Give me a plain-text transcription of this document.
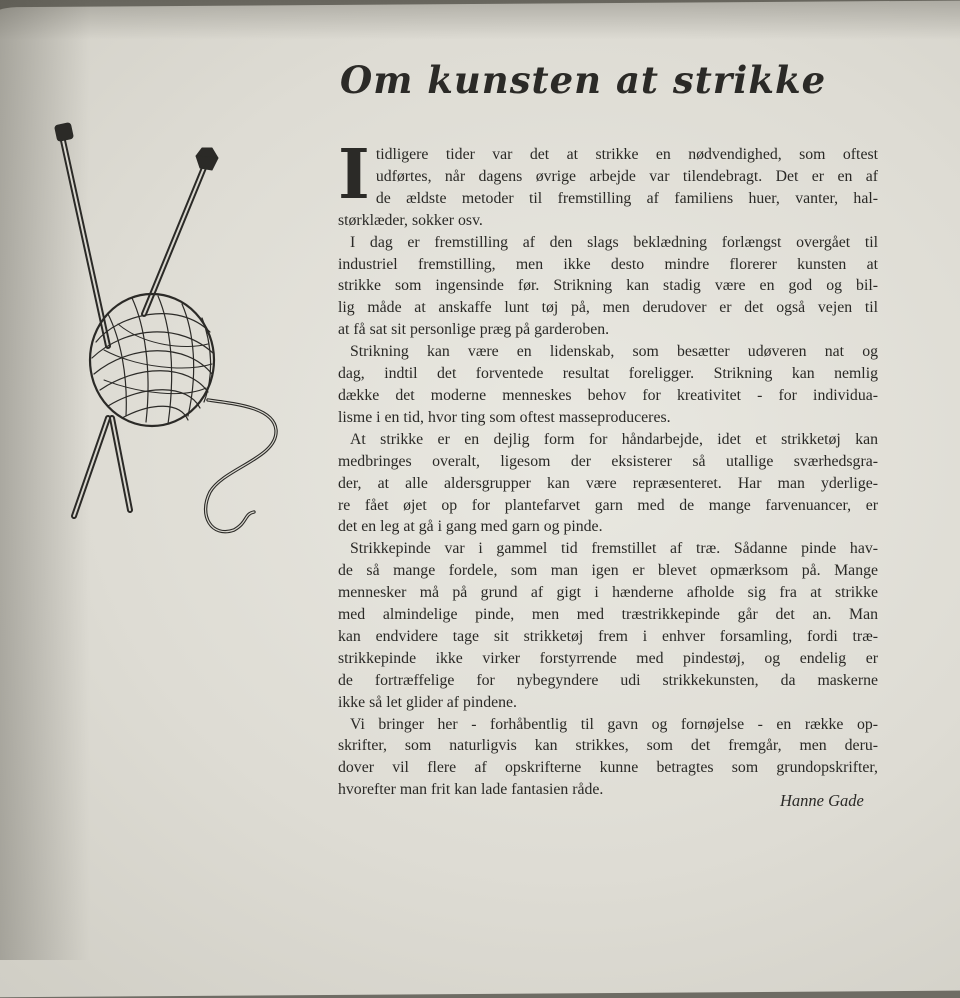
Om kunsten at strikke

I tidligere tider var det at strikke en nødvendighed, som oftest
udførtes, når dagens øvrige arbejde var tilendebragt. Det er en af
de ældste metoder til fremstilling af familiens huer, vanter, hal-
størklæder, sokker osv.

I dag er fremstilling af den slags beklædning forlængst overgået til
industriel fremstilling, men ikke desto mindre florerer kunsten at
strikke som ingensinde før. Strikning kan stadig være en god og bil-
lig måde at anskaffe lunt tøj på, men derudover er det også vejen til
at få sat sit personlige præg på garderoben.

Strikning kan være en lidenskab, som besætter udøveren nat og
dag, indtil det forventede resultat foreligger. Strikning kan nemlig
dække det moderne menneskes behov for kreativitet - for individua-
lisme i en tid, hvor ting som oftest masseproduceres.

At strikke er en dejlig form for håndarbejde, idet et strikketøj kan
medbringes overalt, ligesom der eksisterer så utallige sværhedsgra-
der, at alle aldersgrupper kan være repræsenteret. Har man yderlige-
re fået øjet op for plantefarvet garn med de mange farvenuancer, er
det en leg at gå i gang med garn og pinde.

Strikkepinde var i gammel tid fremstillet af træ. Sådanne pinde hav-
de så mange fordele, som man igen er blevet opmærksom på. Mange
mennesker må på grund af gigt i hænderne afholde sig fra at strikke
med almindelige pinde, men med træstrikkepinde går det an. Man
kan endvidere tage sit strikketøj frem i enhver forsamling, fordi træ-
strikkepinde ikke virker forstyrrende med pindestøj, og endelig er
de fortræffelige for nybegyndere udi strikkekunsten, da maskerne
ikke så let glider af pindene.

Vi bringer her - forhåbentlig til gavn og fornøjelse - en række op-
skrifter, som naturligvis kan strikkes, som det fremgår, men deru-
dover vil flere af opskrifterne kunne betragtes som grundopskrifter,
hvorefter man frit kan lade fantasien råde.

Hanne Gade
